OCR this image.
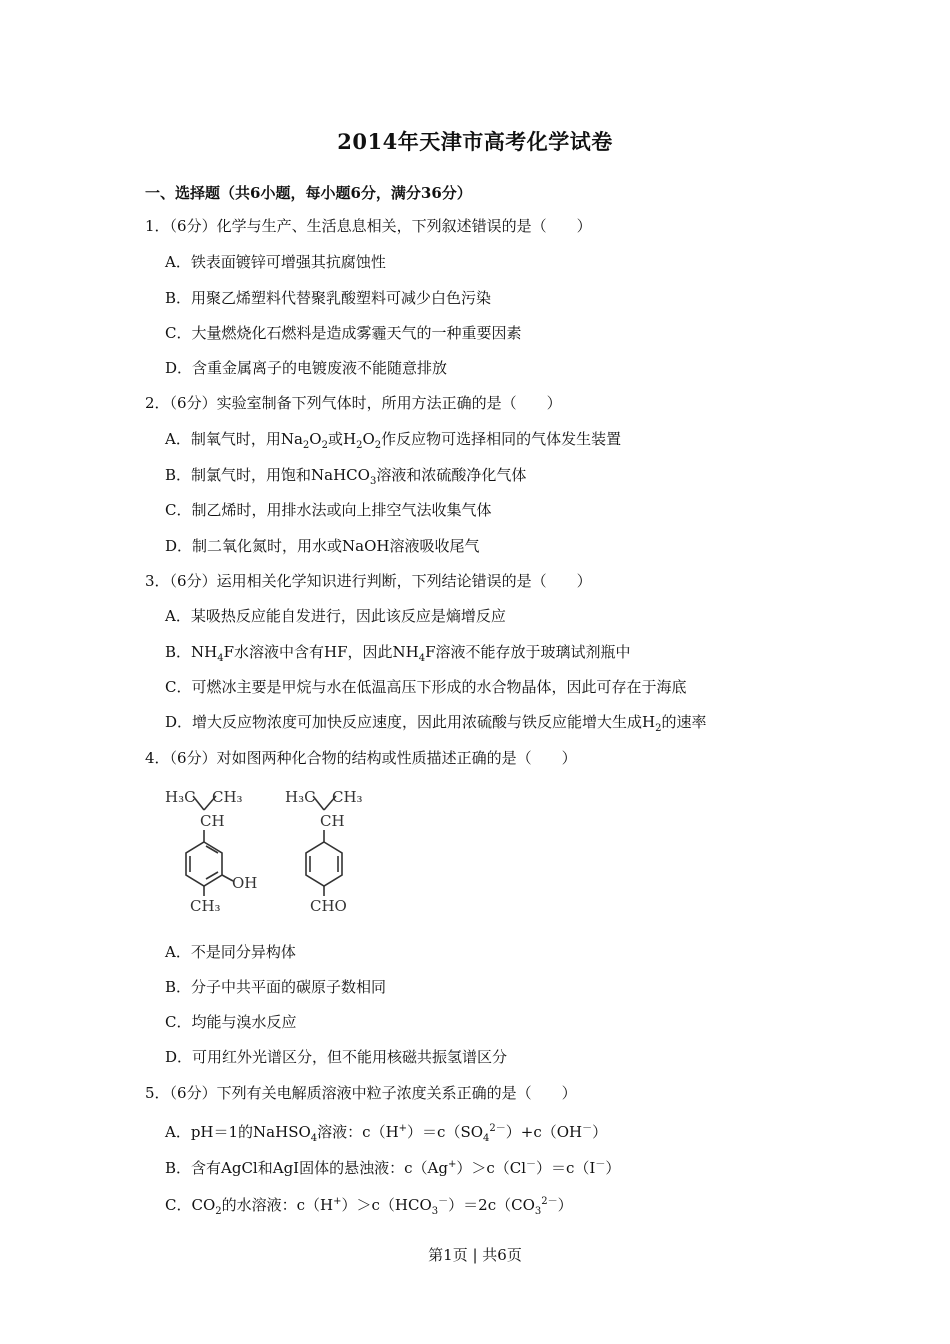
2014年天津市高考化学试卷
一、选择题（共6小题，每小题6分，满分36分）
1．（6分）化学与生产、生活息息相关，下列叙述错误的是（　　）
A．铁表面镀锌可增强其抗腐蚀性
B．用聚乙烯塑料代替聚乳酸塑料可减少白色污染
C．大量燃烧化石燃料是造成雾霾天气的一种重要因素
D．含重金属离子的电镀废液不能随意排放
2．（6分）实验室制备下列气体时，所用方法正确的是（　　）
A．制氧气时，用$Na_2O_2$或$H_2O_2$作反应物可选择相同的气体发生装置
B．制氯气时，用饱和NaHCO$_3$溶液和浓硫酸净化气体
C．制乙烯时，用排水法或向上排空气法收集气体
D．制二氧化氮时，用水或NaOH溶液吸收尾气
3．（6分）运用相关化学知识进行判断，下列结论错误的是（　　）
A．某吸热反应能自发进行，因此该反应是熵增反应
B．$NH_4F$水溶液中含有HF，因此$NH_4F$溶液不能存放于玻璃试剂瓶中
C．可燃冰主要是甲烷与水在低温高压下形成的水合物晶体，因此可存在于海底
D．增大反应物浓度可加快反应速度，因此用浓硫酸与铁反应能增大生成$H_2$的速率
4．（6分）对如图两种化合物的结构或性质描述正确的是（　　）
H₃C CH₃
CH
OH
CH₃
H₃C CH₃
CH
CHO
A．不是同分异构体
B．分子中共平面的碳原子数相同
C．均能与溴水反应
D．可用红外光谱区分，但不能用核磁共振氢谱区分
5．（6分）下列有关电解质溶液中粒子浓度关系正确的是（　　）
A．pH＝1的NaHSO$_4$溶液：$c(H^+)=c(SO_4^{2-})+c(OH^-)$
B．含有AgCl和AgI固体的悬浊液：c（Ag+）＞c（Cl－）＝c（I－）
C．$CO_2$的水溶液：$c(H^+)>c(HCO_3^-)=2c(CO_3^{2-})$
第1页 | 共6页
